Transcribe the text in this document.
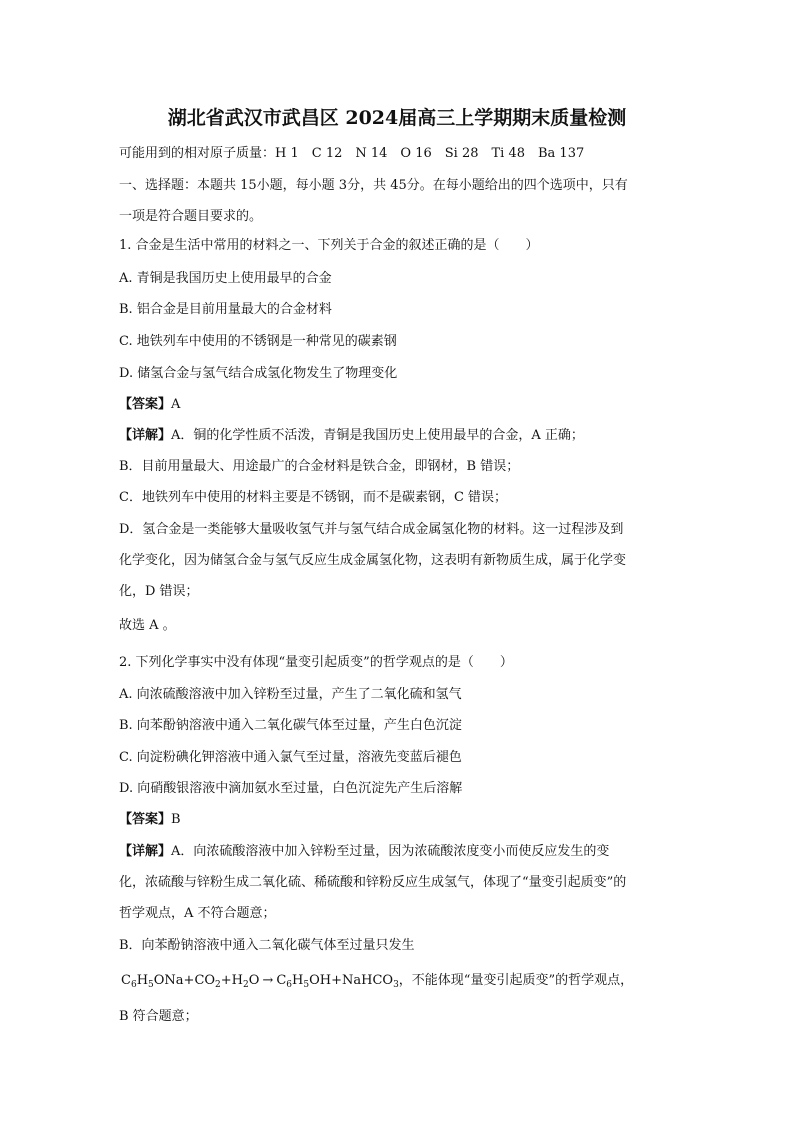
湖北省武汉市武昌区 2024届高三上学期期末质量检测
可能用到的相对原子质量：H 1　C 12　N 14　O 16　Si 28　Ti 48　Ba 137
一、选择题：本题共 15小题，每小题 3分，共 45分。在每小题给出的四个选项中，只有
一项是符合题目要求的。
1. 合金是生活中常用的材料之一、下列关于合金的叙述正确的是（　　）
A. 青铜是我国历史上使用最早的合金
B. 铝合金是目前用量最大的合金材料
C. 地铁列车中使用的不锈钢是一种常见的碳素钢
D. 储氢合金与氢气结合成氢化物发生了物理变化
【答案】A
【详解】A．铜的化学性质不活泼，青铜是我国历史上使用最早的合金，A 正确；
B．目前用量最大、用途最广的合金材料是铁合金，即钢材，B 错误；
C．地铁列车中使用的材料主要是不锈钢，而不是碳素钢，C 错误；
D．氢合金是一类能够大量吸收氢气并与氢气结合成金属氢化物的材料。这一过程涉及到
化学变化，因为储氢合金与氢气反应生成金属氢化物，这表明有新物质生成，属于化学变
化，D 错误；
故选 A 。
2. 下列化学事实中没有体现“量变引起质变”的哲学观点的是（　　）
A. 向浓硫酸溶液中加入锌粉至过量，产生了二氧化硫和氢气
B. 向苯酚钠溶液中通入二氧化碳气体至过量，产生白色沉淀
C. 向淀粉碘化钾溶液中通入氯气至过量，溶液先变蓝后褪色
D. 向硝酸银溶液中滴加氨水至过量，白色沉淀先产生后溶解
【答案】B
【详解】A．向浓硫酸溶液中加入锌粉至过量，因为浓硫酸浓度变小而使反应发生的变
化，浓硫酸与锌粉生成二氧化硫、稀硫酸和锌粉反应生成氢气，体现了“量变引起质变”的
哲学观点，A 不符合题意；
B．向苯酚钠溶液中通入二氧化碳气体至过量只发生
$C_6H_5ONa+CO_2+H_2O$ → $C_6H_5OH+NaHCO_3$，不能体现“量变引起质变”的哲学观点，
B 符合题意；
